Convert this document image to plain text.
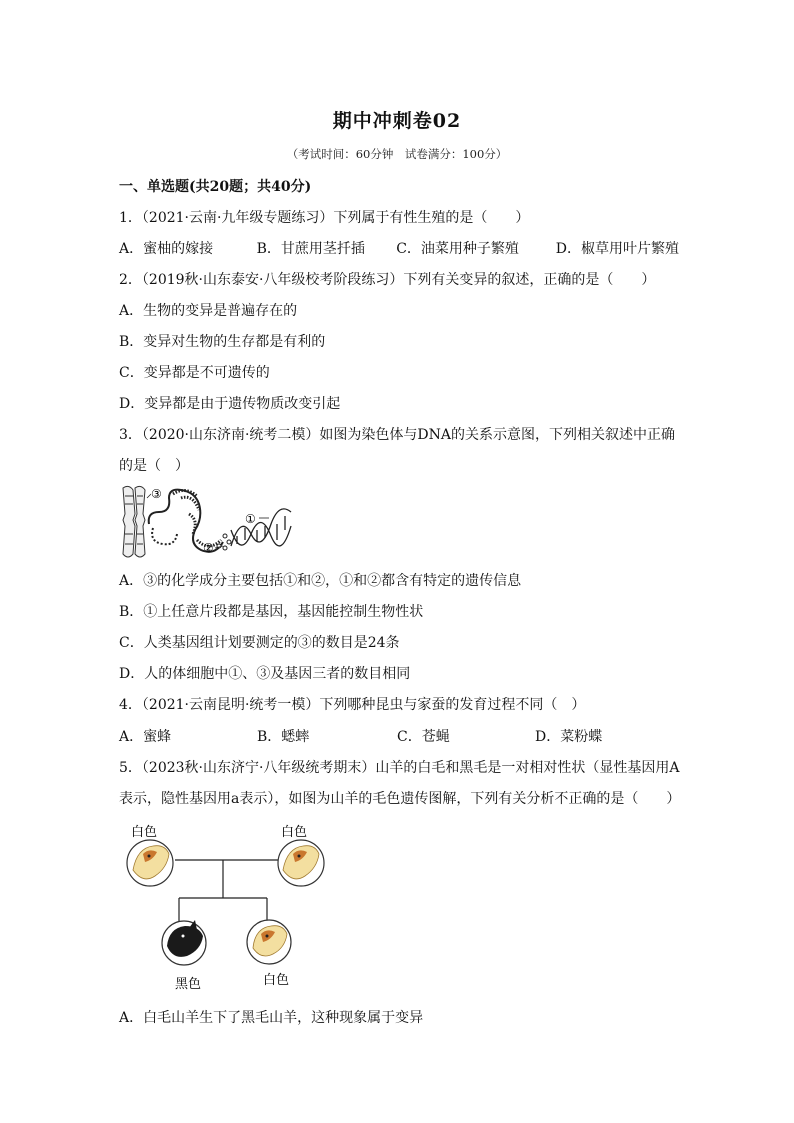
期中冲刺卷02
（考试时间：60分钟　试卷满分：100分）
一、单选题(共20题；共40分)
1．（2021·云南·九年级专题练习）下列属于有性生殖的是（　　）
A．蜜柚的嫁接	B．甘蔗用茎扦插	C．油菜用种子繁殖	D．椒草用叶片繁殖
2．（2019秋·山东泰安·八年级校考阶段练习）下列有关变异的叙述，正确的是（　　）
A．生物的变异是普遍存在的
B．变异对生物的生存都是有利的
C．变异都是不可遗传的
D．变异都是由于遗传物质改变引起
3．（2020·山东济南·统考二模）如图为染色体与DNA的关系示意图，下列相关叙述中正确
的是（　）
③
①
②
A．③的化学成分主要包括①和②，①和②都含有特定的遗传信息
B．①上任意片段都是基因，基因能控制生物性状
C．人类基因组计划要测定的③的数目是24条
D．人的体细胞中①、③及基因三者的数目相同
4．（2021·云南昆明·统考一模）下列哪种昆虫与家蚕的发育过程不同（　）
A．蜜蜂	B．蟋蟀	C．苍蝇	D．菜粉蝶
5．（2023秋·山东济宁·八年级统考期末）山羊的白毛和黑毛是一对相对性状（显性基因用A
表示，隐性基因用a表示），如图为山羊的毛色遗传图解，下列有关分析不正确的是（　　）
白色	白色
黑色	白色
A．白毛山羊生下了黑毛山羊，这种现象属于变异
